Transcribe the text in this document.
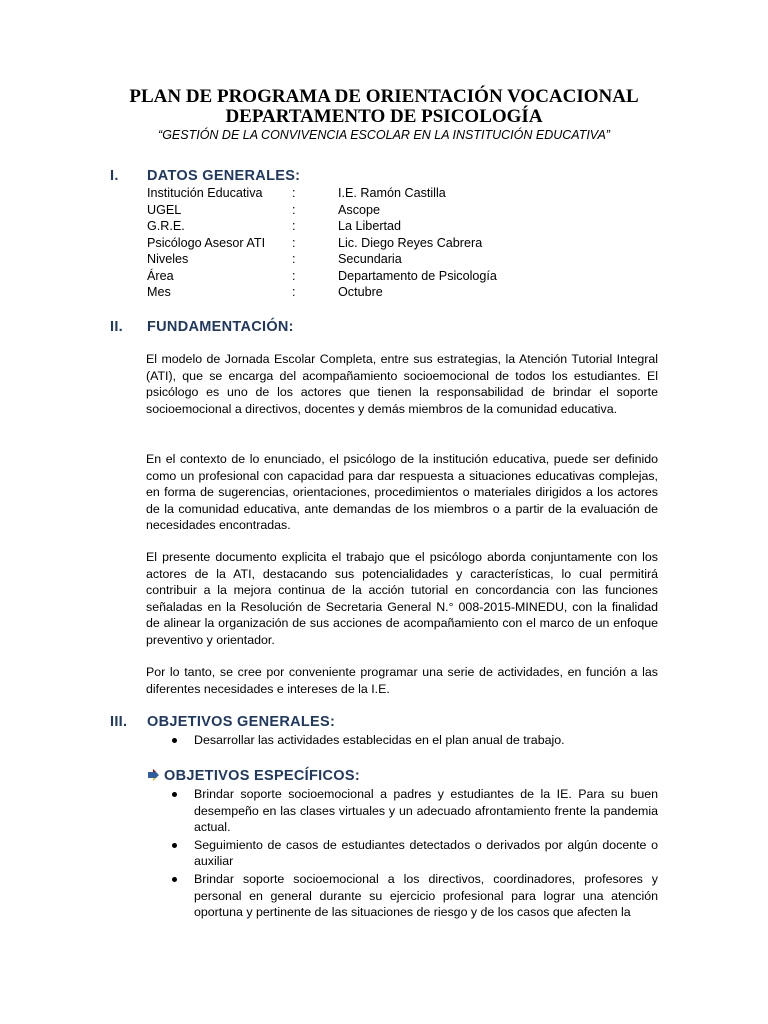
PLAN DE PROGRAMA DE ORIENTACIÓN VOCACIONAL
DEPARTAMENTO DE PSICOLOGÍA

“GESTIÓN DE LA CONVIVENCIA ESCOLAR EN LA INSTITUCIÓN EDUCATIVA”

I. DATOS GENERALES:
Institución Educativa	:	I.E. Ramón Castilla
UGEL	:	Ascope
G.R.E.	:	La Libertad
Psicólogo Asesor ATI	:	Lic. Diego Reyes Cabrera
Niveles	:	Secundaria
Área	:	Departamento de Psicología
Mes	:	Octubre
II. FUNDAMENTACIÓN:

El modelo de Jornada Escolar Completa, entre sus estrategias, la Atención Tutorial Integral (ATI), que se encarga del acompañamiento socioemocional de todos los estudiantes. El psicólogo es uno de los actores que tienen la responsabilidad de brindar el soporte socioemocional a directivos, docentes y demás miembros de la comunidad educativa.

En el contexto de lo enunciado, el psicólogo de la institución educativa, puede ser definido como un profesional con capacidad para dar respuesta a situaciones educativas complejas, en forma de sugerencias, orientaciones, procedimientos o materiales dirigidos a los actores de la comunidad educativa, ante demandas de los miembros o a partir de la evaluación de necesidades encontradas.

El presente documento explicita el trabajo que el psicólogo aborda conjuntamente con los actores de la ATI, destacando sus potencialidades y características, lo cual permitirá contribuir a la mejora continua de la acción tutorial en concordancia con las funciones señaladas en la Resolución de Secretaria General N.° 008-2015-MINEDU, con la finalidad de alinear la organización de sus acciones de acompañamiento con el marco de un enfoque preventivo y orientador.

Por lo tanto, se cree por conveniente programar una serie de actividades, en función a las diferentes necesidades e intereses de la I.E.

III. OBJETIVOS GENERALES:
Desarrollar las actividades establecidas en el plan anual de trabajo.
OBJETIVOS ESPECÍFICOS:
Brindar soporte socioemocional a padres y estudiantes de la IE. Para su buen desempeño en las clases virtuales y un adecuado afrontamiento frente la pandemia actual.
Seguimiento de casos de estudiantes detectados o derivados por algún docente o auxiliar
Brindar soporte socioemocional a los directivos, coordinadores, profesores y personal en general durante su ejercicio profesional para lograr una atención oportuna y pertinente de las situaciones de riesgo y de los casos que afecten la
